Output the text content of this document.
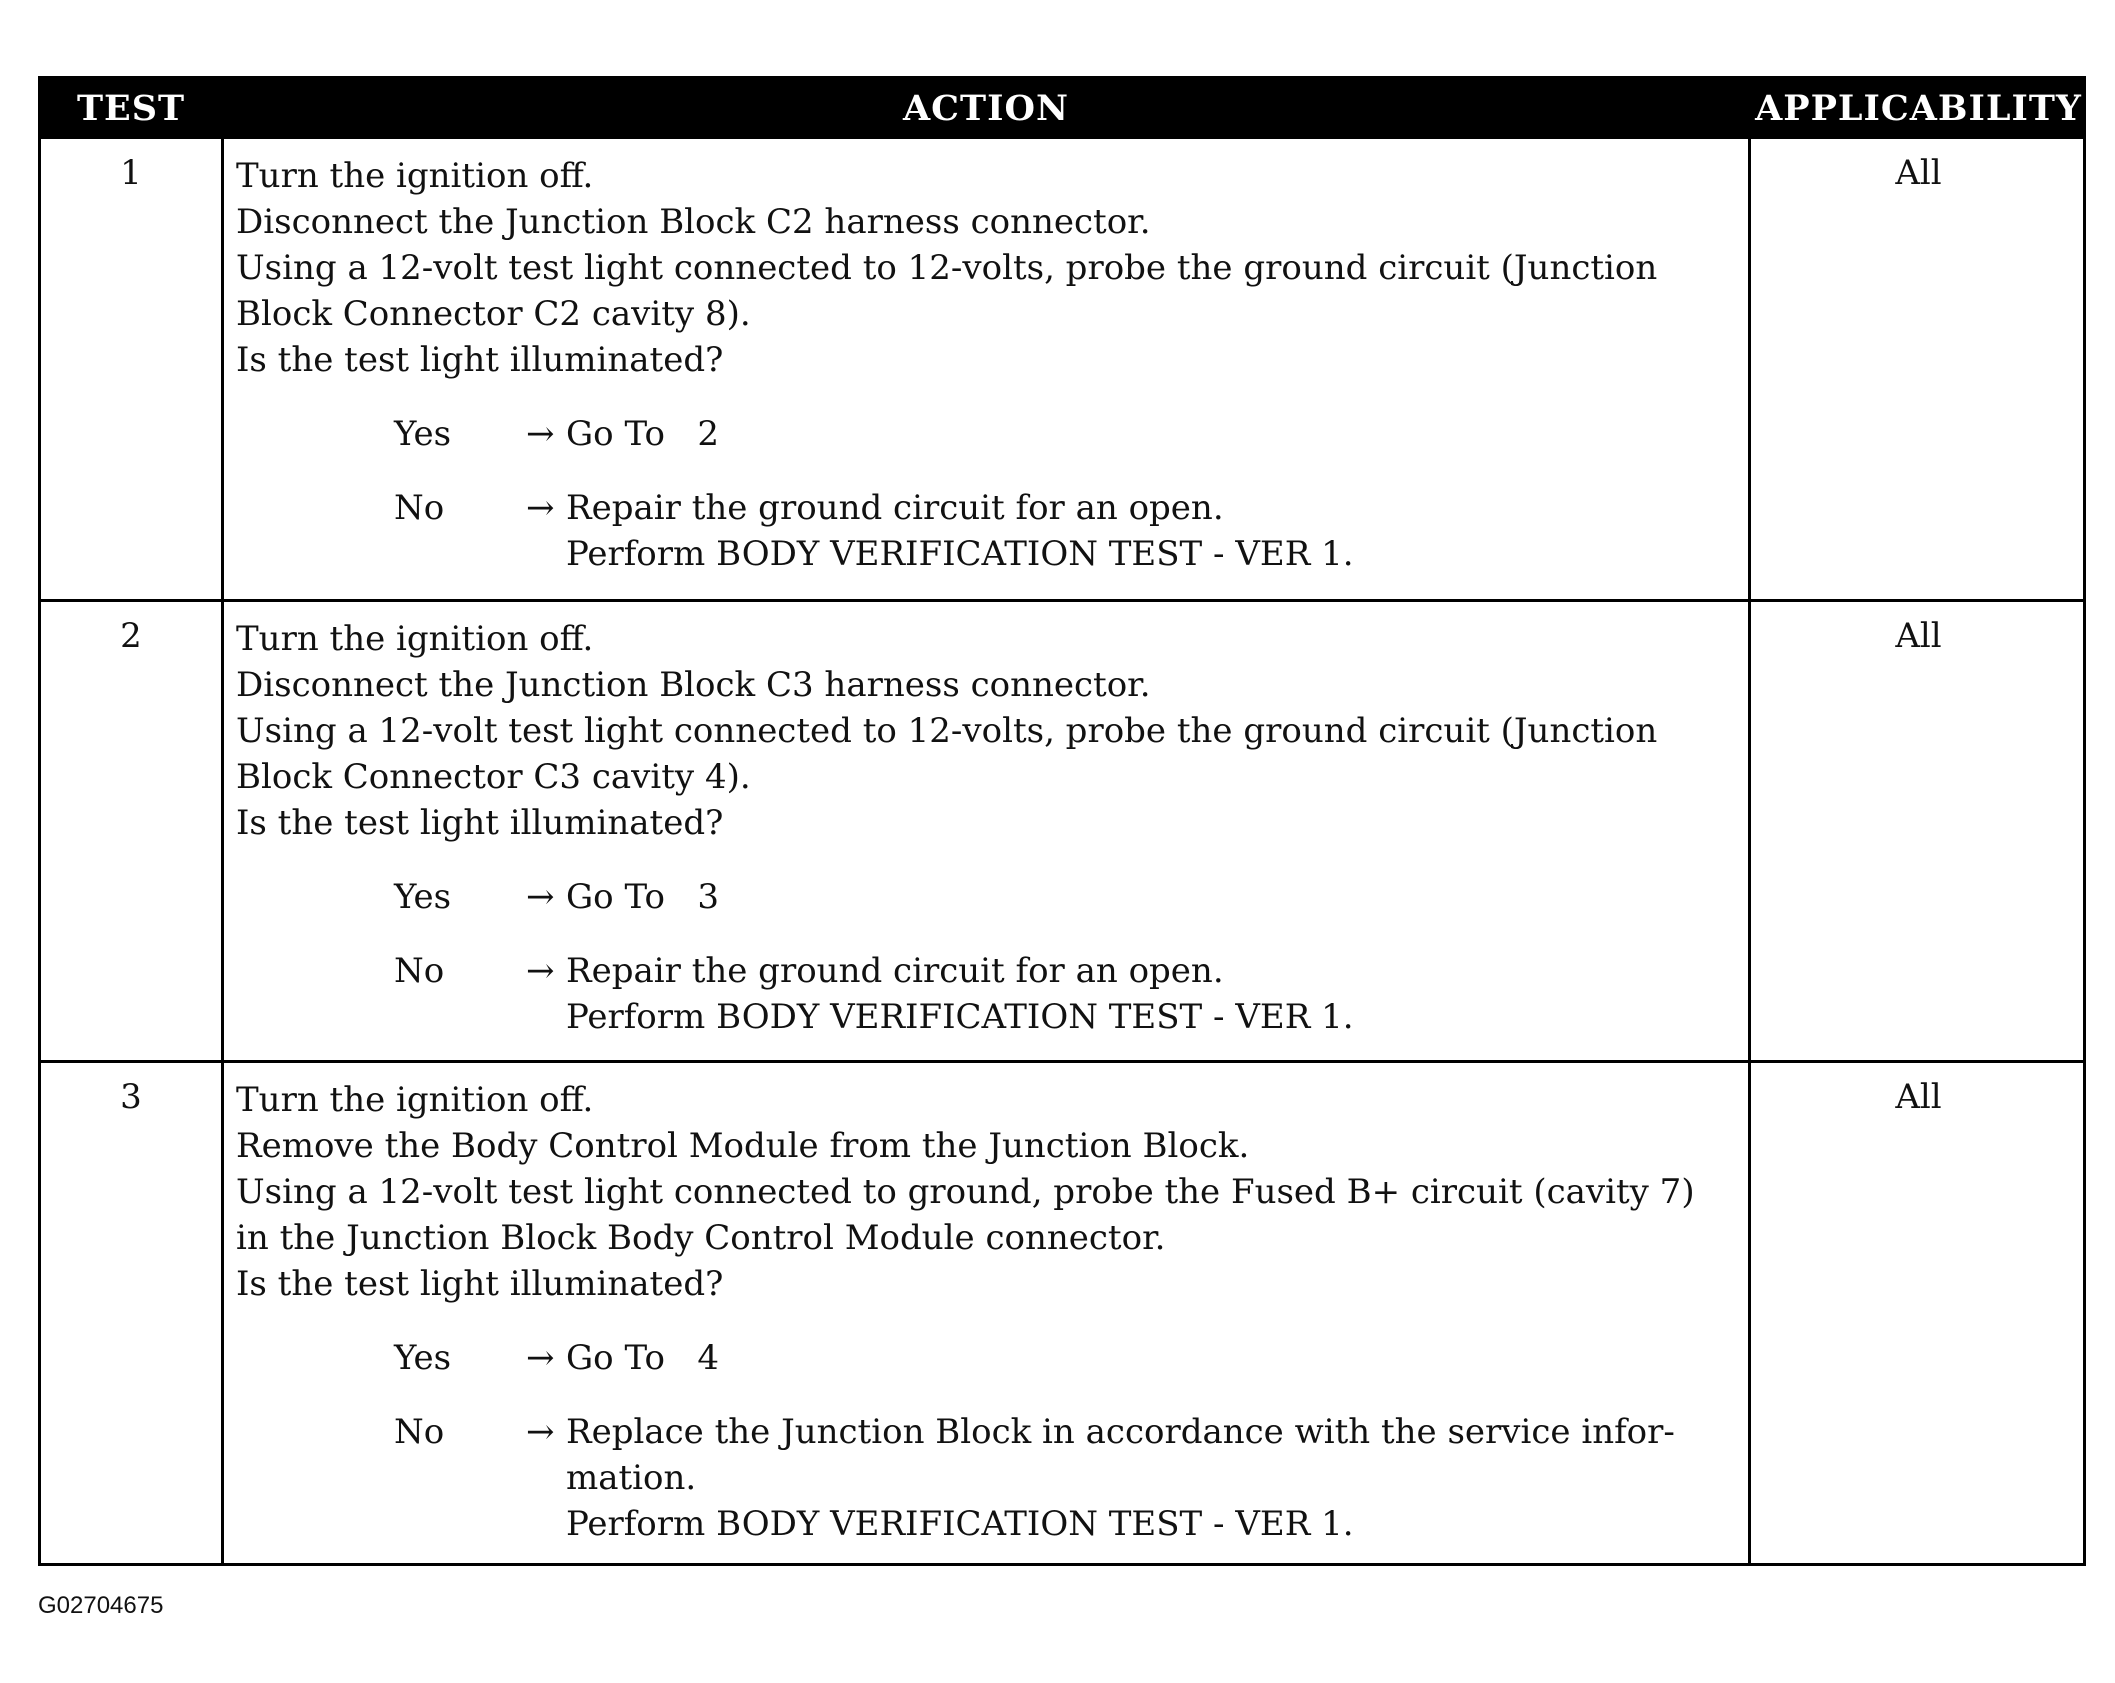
TEST	ACTION	APPLICABILITY
1	Turn the ignition off.
Disconnect the Junction Block C2 harness connector.
Using a 12-volt test light connected to 12-volts, probe the ground circuit (Junction
Block Connector C2 cavity 8).
Is the test light illuminated?
Yes	→ Go To   2
No	→ Repair the ground circuit for an open.
Perform BODY VERIFICATION TEST - VER 1.
All
2	Turn the ignition off.
Disconnect the Junction Block C3 harness connector.
Using a 12-volt test light connected to 12-volts, probe the ground circuit (Junction
Block Connector C3 cavity 4).
Is the test light illuminated?
Yes	→ Go To   3
No	→ Repair the ground circuit for an open.
Perform BODY VERIFICATION TEST - VER 1.
All
3	Turn the ignition off.
Remove the Body Control Module from the Junction Block.
Using a 12-volt test light connected to ground, probe the Fused B+ circuit (cavity 7)
in the Junction Block Body Control Module connector.
Is the test light illuminated?
Yes	→ Go To   4
No	→ Replace the Junction Block in accordance with the service infor-
mation.
Perform BODY VERIFICATION TEST - VER 1.
All
G02704675
